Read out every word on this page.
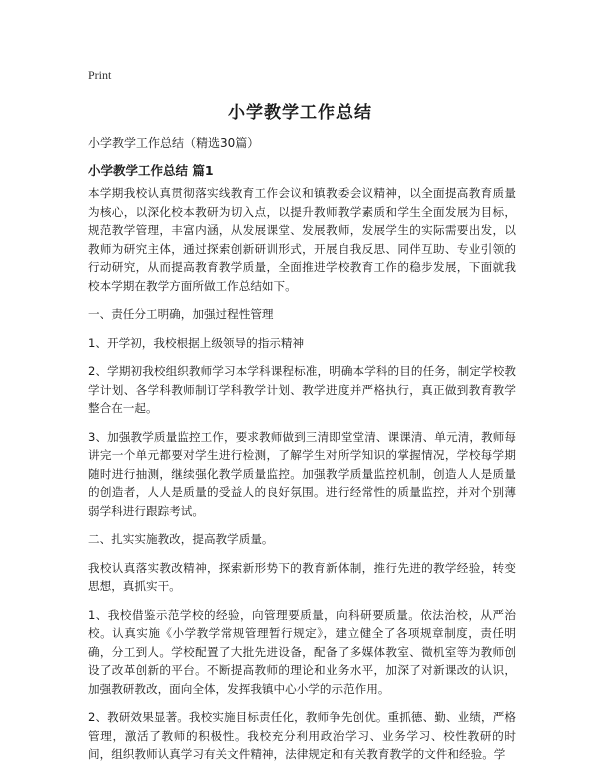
Print
小学教学工作总结
小学教学工作总结（精选30篇）
小学教学工作总结 篇1

本学期我校认真贯彻落实线教育工作会议和镇教委会议精神，以全面提高教育质量为核心，以深化校本教研为切入点，以提升教师教学素质和学生全面发展为目标，规范教学管理，丰富内涵，从发展课堂、发展教师，发展学生的实际需要出发，以教师为研究主体，通过探索创新研训形式，开展自我反思、同伴互助、专业引领的行动研究，从而提高教育教学质量，全面推进学校教育工作的稳步发展，下面就我校本学期在教学方面所做工作总结如下。

一、责任分工明确，加强过程性管理

1、开学初，我校根据上级领导的指示精神

2、学期初我校组织教师学习本学科课程标准，明确本学科的目的任务，制定学校教学计划、各学科教师制订学科教学计划、教学进度并严格执行，真正做到教育教学整合在一起。

3、加强教学质量监控工作，要求教师做到三清即堂堂清、课课清、单元清，教师每讲完一个单元都要对学生进行检测，了解学生对所学知识的掌握情况，学校每学期随时进行抽测，继续强化教学质量监控。加强教学质量监控机制，创造人人是质量的创造者，人人是质量的受益人的良好氛围。进行经常性的质量监控，并对个别薄弱学科进行跟踪考试。

二、扎实实施教改，提高教学质量。

我校认真落实教改精神，探索新形势下的教育新体制，推行先进的教学经验，转变思想，真抓实干。

1、我校借鉴示范学校的经验，向管理要质量，向科研要质量。依法治校，从严治校。认真实施《小学教学常规管理暂行规定》，建立健全了各项规章制度，责任明确，分工到人。学校配置了大批先进设备，配备了多媒体教室、微机室等为教师创设了改革创新的平台。不断提高教师的理论和业务水平，加深了对新课改的认识，加强教研教改，面向全体，发挥我镇中心小学的示范作用。

2、教研效果显著。我校实施目标责任化，教师争先创优。重抓德、勤、业绩，严格管理，激活了教师的积极性。我校充分利用政治学习、业务学习、校性教研的时间，组织教师认真学习有关文件精神，法律规定和有关教育教学的文件和经验。学
